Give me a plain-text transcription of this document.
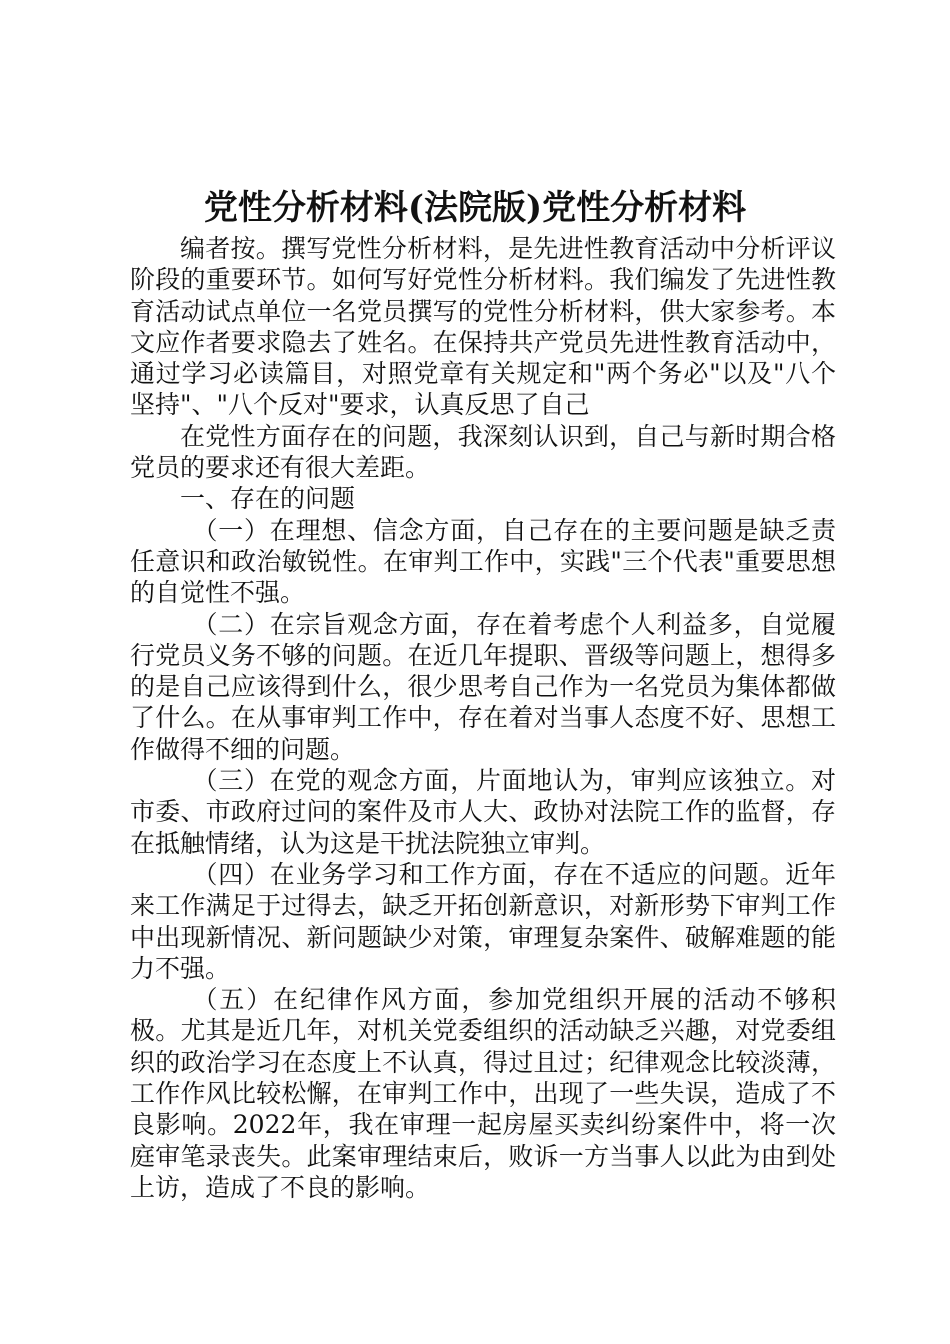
党性分析材料(法院版)党性分析材料

编者按。撰写党性分析材料，是先进性教育活动中分析评议阶段的重要环节。如何写好党性分析材料。我们编发了先进性教育活动试点单位一名党员撰写的党性分析材料，供大家参考。本文应作者要求隐去了姓名。在保持共产党员先进性教育活动中，通过学习必读篇目，对照党章有关规定和"两个务必"以及"八个坚持"、"八个反对"要求，认真反思了自己

在党性方面存在的问题，我深刻认识到，自己与新时期合格党员的要求还有很大差距。

一、存在的问题

（一）在理想、信念方面，自己存在的主要问题是缺乏责任意识和政治敏锐性。在审判工作中，实践"三个代表"重要思想的自觉性不强。

（二）在宗旨观念方面，存在着考虑个人利益多，自觉履行党员义务不够的问题。在近几年提职、晋级等问题上，想得多的是自己应该得到什么，很少思考自己作为一名党员为集体都做了什么。在从事审判工作中，存在着对当事人态度不好、思想工作做得不细的问题。

（三）在党的观念方面，片面地认为，审判应该独立。对市委、市政府过问的案件及市人大、政协对法院工作的监督，存在抵触情绪，认为这是干扰法院独立审判。

（四）在业务学习和工作方面，存在不适应的问题。近年来工作满足于过得去，缺乏开拓创新意识，对新形势下审判工作中出现新情况、新问题缺少对策，审理复杂案件、破解难题的能力不强。

（五）在纪律作风方面，参加党组织开展的活动不够积极。尤其是近几年，对机关党委组织的活动缺乏兴趣，对党委组织的政治学习在态度上不认真，得过且过；纪律观念比较淡薄，工作作风比较松懈，在审判工作中，出现了一些失误，造成了不良影响。2022年，我在审理一起房屋买卖纠纷案件中，将一次庭审笔录丧失。此案审理结束后，败诉一方当事人以此为由到处上访，造成了不良的影响。
